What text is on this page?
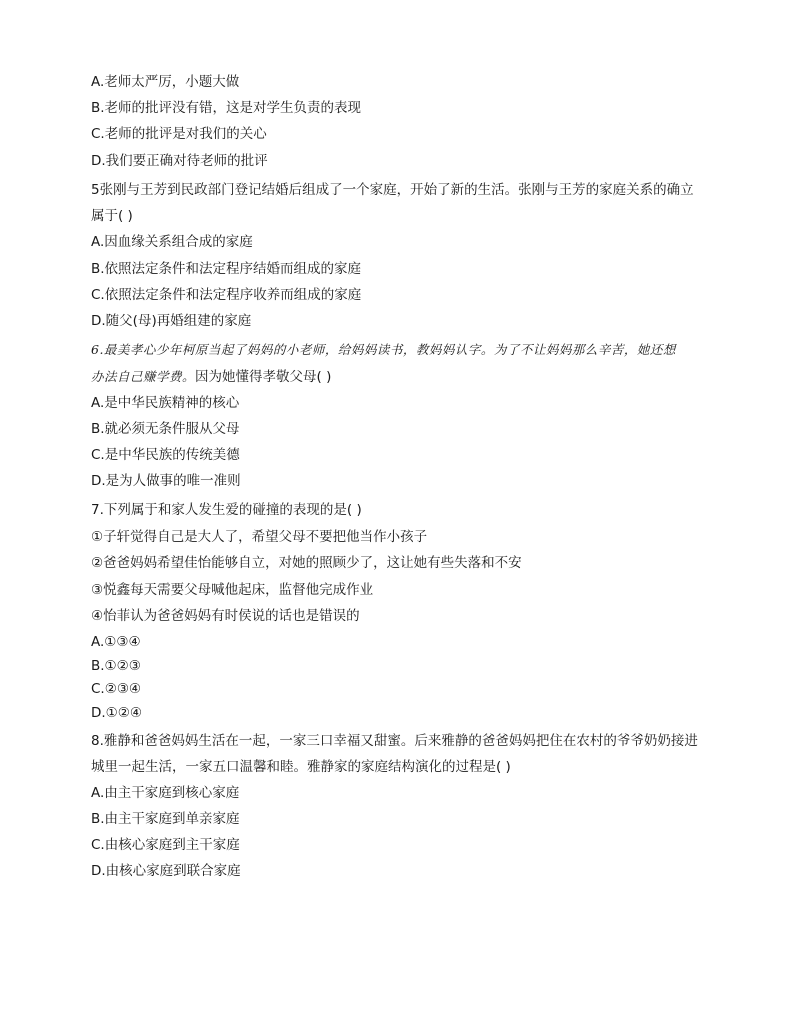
A.老师太严厉，小题大做
B.老师的批评没有错，这是对学生负责的表现
C.老师的批评是对我们的关心
D.我们要正确对待老师的批评
5张刚与王芳到民政部门登记结婚后组成了一个家庭，开始了新的生活。张刚与王芳的家庭关系的确立
属于( )
A.因血缘关系组合成的家庭
B.依照法定条件和法定程序结婚而组成的家庭
C.依照法定条件和法定程序收养而组成的家庭
D.随父(母)再婚组建的家庭
6.最美孝心少年柯原当起了妈妈的小老师，给妈妈读书，教妈妈认字。为了不让妈妈那么辛苦，她还想
办法自己赚学费。因为她懂得孝敬父母( )
A.是中华民族精神的核心
B.就必须无条件服从父母
C.是中华民族的传统美德
D.是为人做事的唯一准则
7.下列属于和家人发生爱的碰撞的表现的是( )
①子轩觉得自己是大人了，希望父母不要把他当作小孩子
②爸爸妈妈希望佳怡能够自立，对她的照顾少了，这让她有些失落和不安
③悦鑫每天需要父母喊他起床，监督他完成作业
④怡菲认为爸爸妈妈有时侯说的话也是错误的
A.①③④
B.①②③
C.②③④
D.①②④
8.雅静和爸爸妈妈生活在一起，一家三口幸福又甜蜜。后来雅静的爸爸妈妈把住在农村的爷爷奶奶接进
城里一起生活，一家五口温馨和睦。雅静家的家庭结构演化的过程是( )
A.由主干家庭到核心家庭
B.由主干家庭到单亲家庭
C.由核心家庭到主干家庭
D.由核心家庭到联合家庭
